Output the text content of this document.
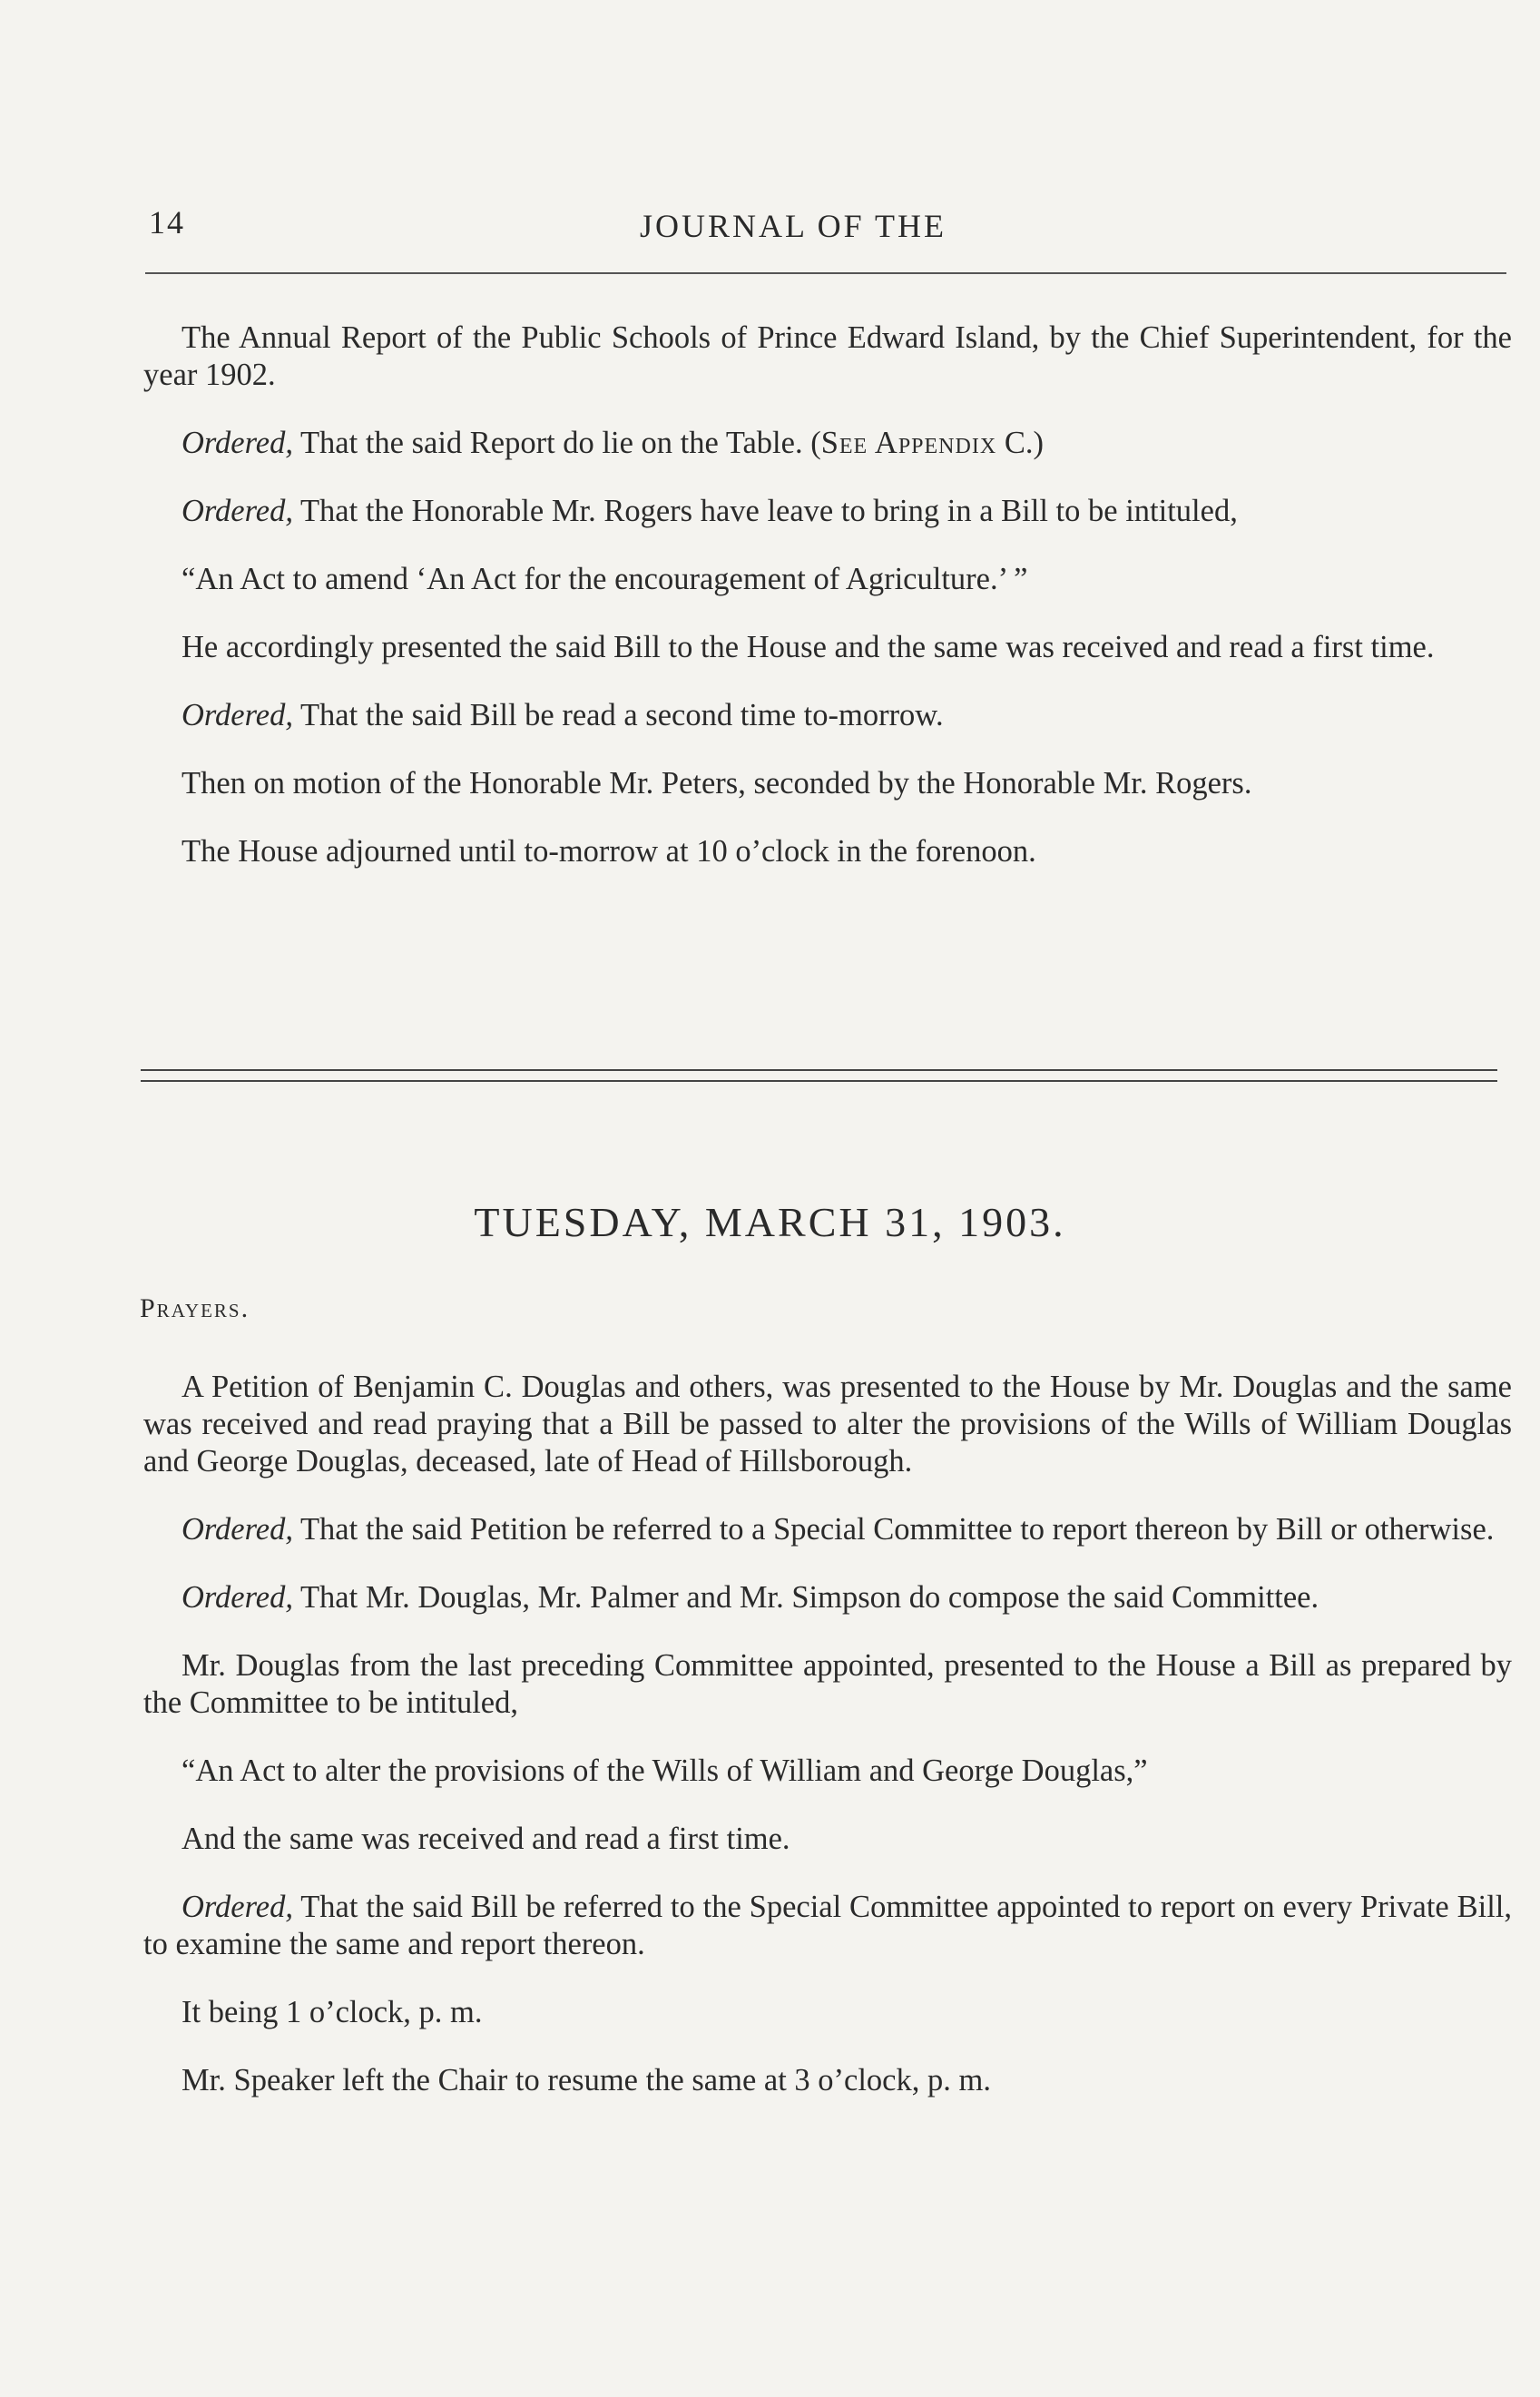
14	JOURNAL OF THE

The Annual Report of the Public Schools of Prince Edward Island, by the Chief Superintendent, for the year 1902.

Ordered, That the said Report do lie on the Table. (See Appendix C.)

Ordered, That the Honorable Mr. Rogers have leave to bring in a Bill to be intituled,

“An Act to amend ‘An Act for the encouragement of Agriculture.’ ”

He accordingly presented the said Bill to the House and the same was received and read a first time.

Ordered, That the said Bill be read a second time to-morrow.

Then on motion of the Honorable Mr. Peters, seconded by the Honorable Mr. Rogers.

The House adjourned until to-morrow at 10 o’clock in the forenoon.

TUESDAY, MARCH 31, 1903.
Prayers.

A Petition of Benjamin C. Douglas and others, was presented to the House by Mr. Douglas and the same was received and read praying that a Bill be passed to alter the provisions of the Wills of William Douglas and George Douglas, deceased, late of Head of Hillsborough.

Ordered, That the said Petition be referred to a Special Committee to report thereon by Bill or otherwise.

Ordered, That Mr. Douglas, Mr. Palmer and Mr. Simpson do compose the said Committee.

Mr. Douglas from the last preceding Committee appointed, presented to the House a Bill as prepared by the Committee to be intituled,

“An Act to alter the provisions of the Wills of William and George Douglas,”

And the same was received and read a first time.

Ordered, That the said Bill be referred to the Special Committee appointed to report on every Private Bill, to examine the same and report thereon.

It being 1 o’clock, p. m.

Mr. Speaker left the Chair to resume the same at 3 o’clock, p. m.
